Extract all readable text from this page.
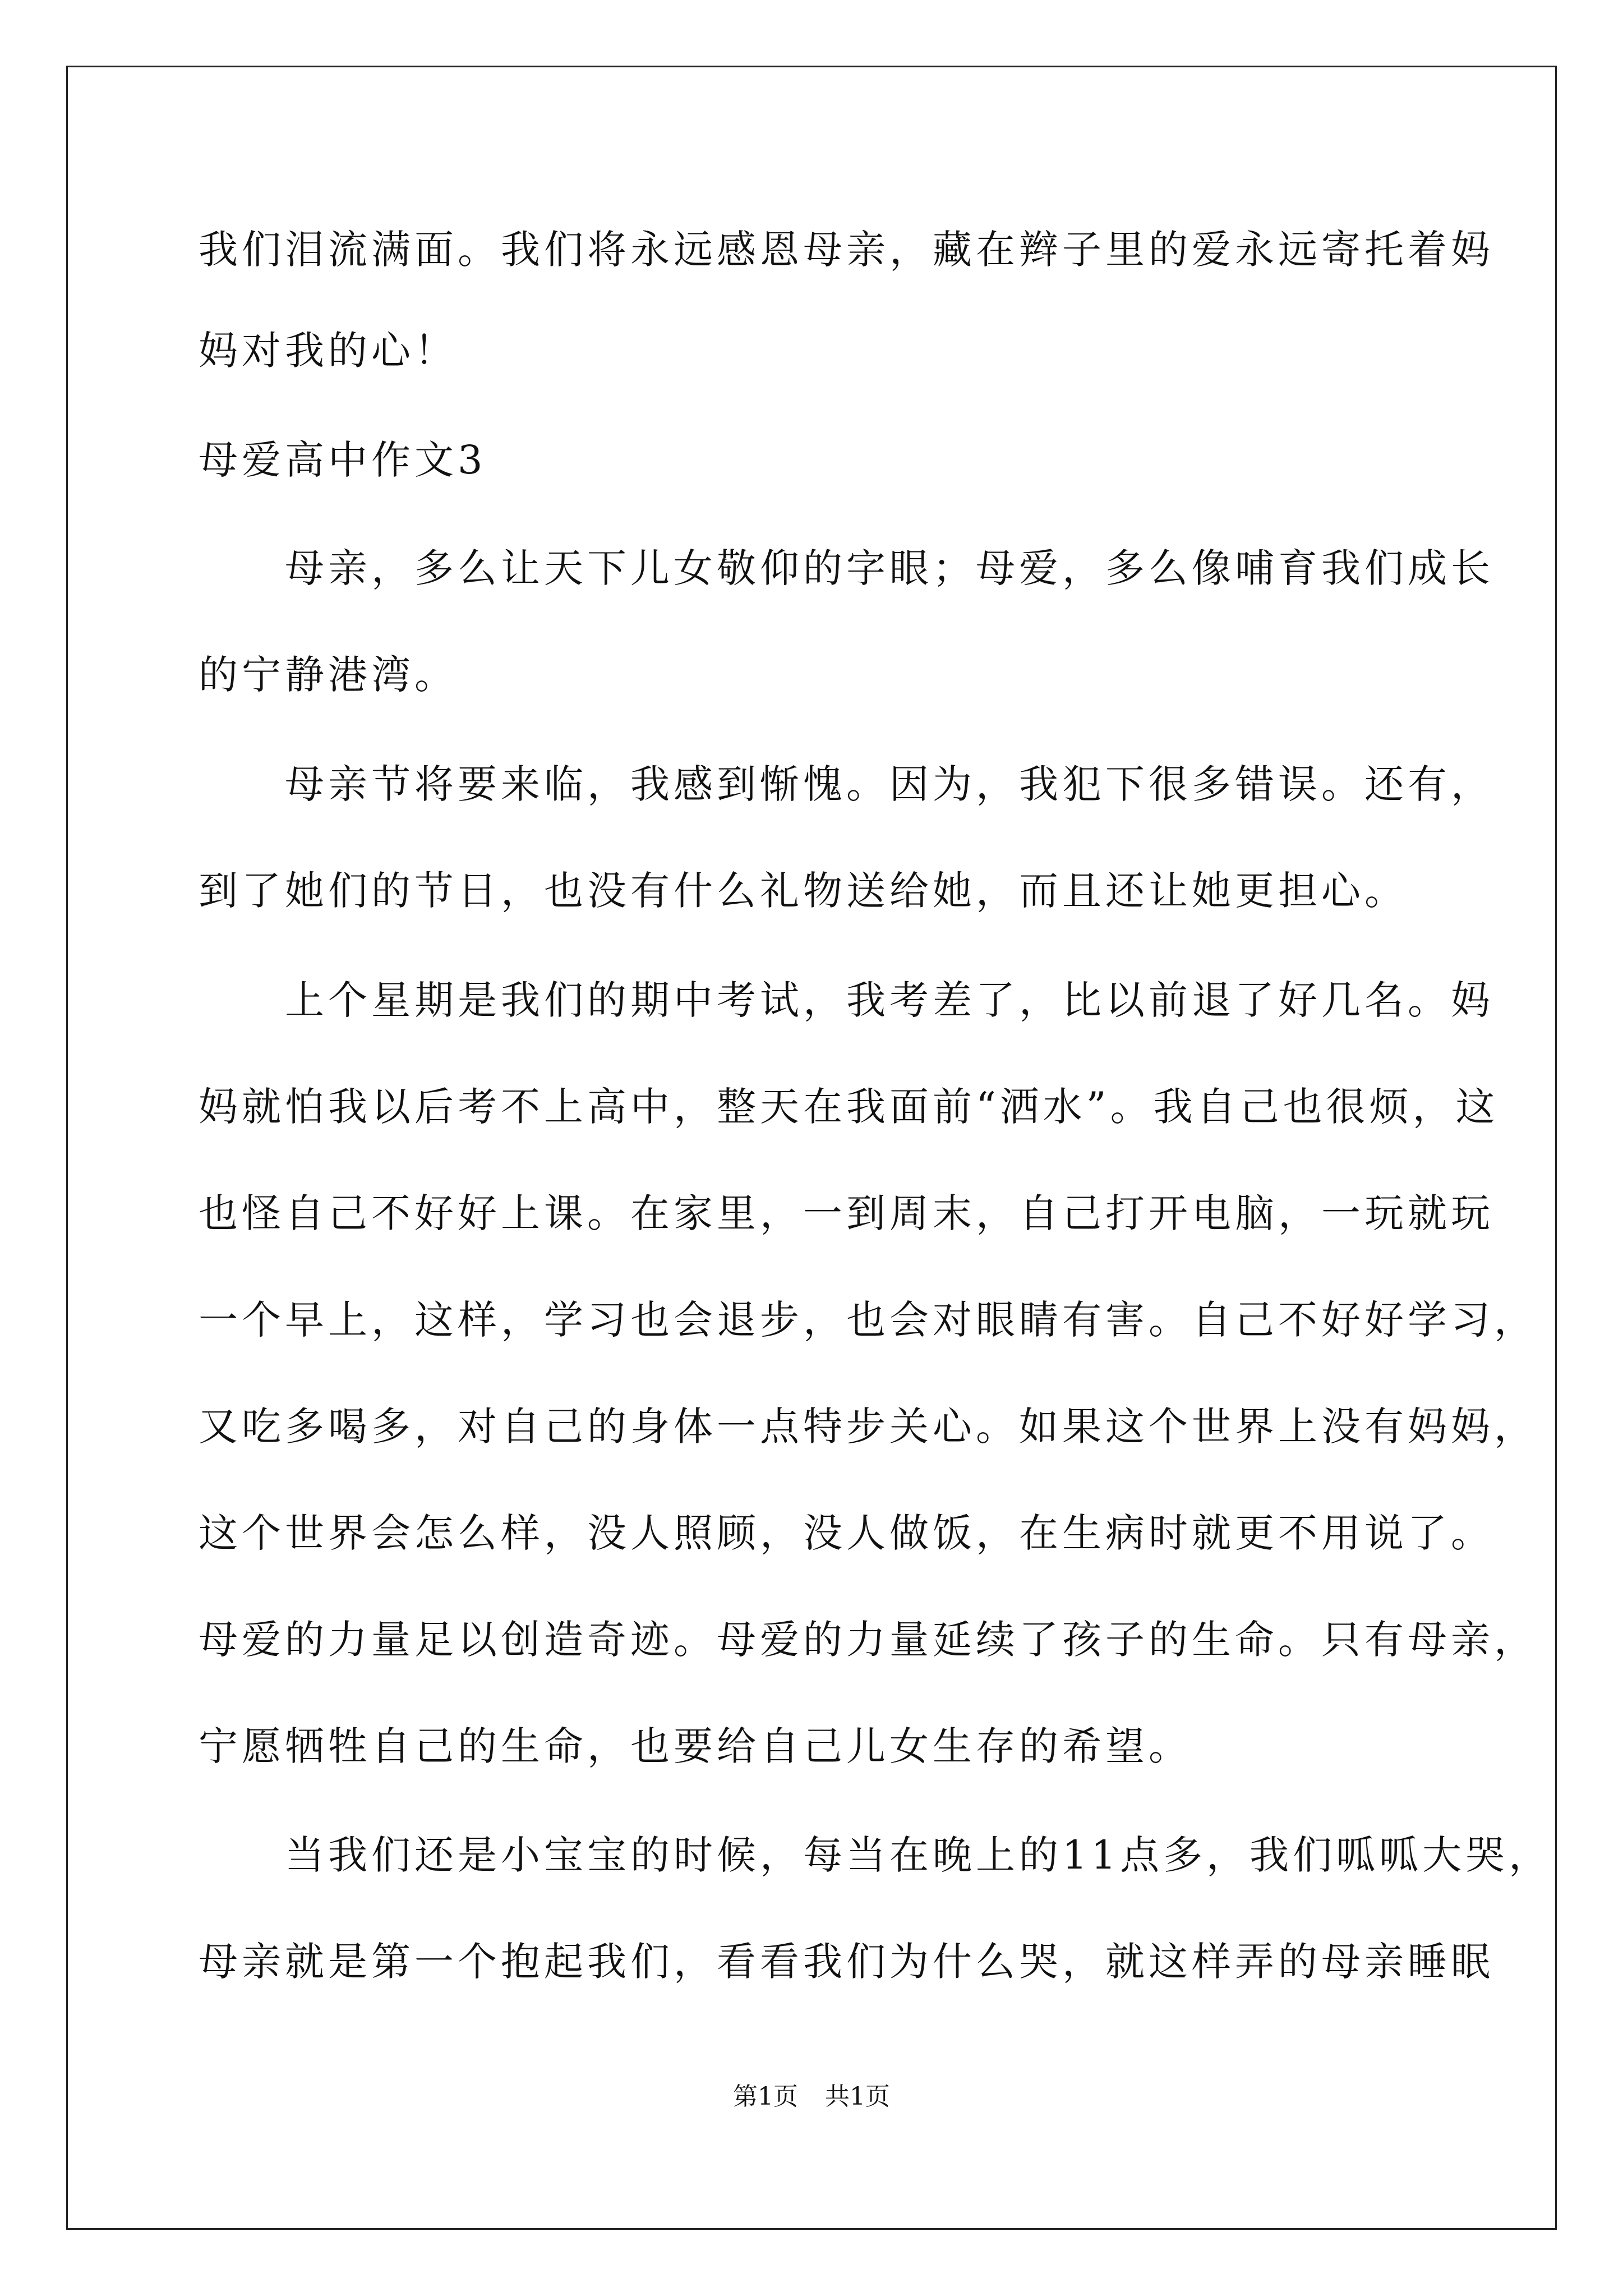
我们泪流满面。我们将永远感恩母亲，藏在辫子里的爱永远寄托着妈
妈对我的心！
母爱高中作文3
　　母亲，多么让天下儿女敬仰的字眼；母爱，多么像哺育我们成长
的宁静港湾。
　　母亲节将要来临，我感到惭愧。因为，我犯下很多错误。还有，
到了她们的节日，也没有什么礼物送给她，而且还让她更担心。
　　上个星期是我们的期中考试，我考差了，比以前退了好几名。妈
妈就怕我以后考不上高中，整天在我面前“洒水”。我自己也很烦，这
也怪自己不好好上课。在家里，一到周末，自己打开电脑，一玩就玩
一个早上，这样，学习也会退步，也会对眼睛有害。自己不好好学习，
又吃多喝多，对自己的身体一点特步关心。如果这个世界上没有妈妈，
这个世界会怎么样，没人照顾，没人做饭，在生病时就更不用说了。
母爱的力量足以创造奇迹。母爱的力量延续了孩子的生命。只有母亲，
宁愿牺牲自己的生命，也要给自己儿女生存的希望。
　　当我们还是小宝宝的时候，每当在晚上的11点多，我们呱呱大哭，
母亲就是第一个抱起我们，看看我们为什么哭，就这样弄的母亲睡眠
第1页 共1页
